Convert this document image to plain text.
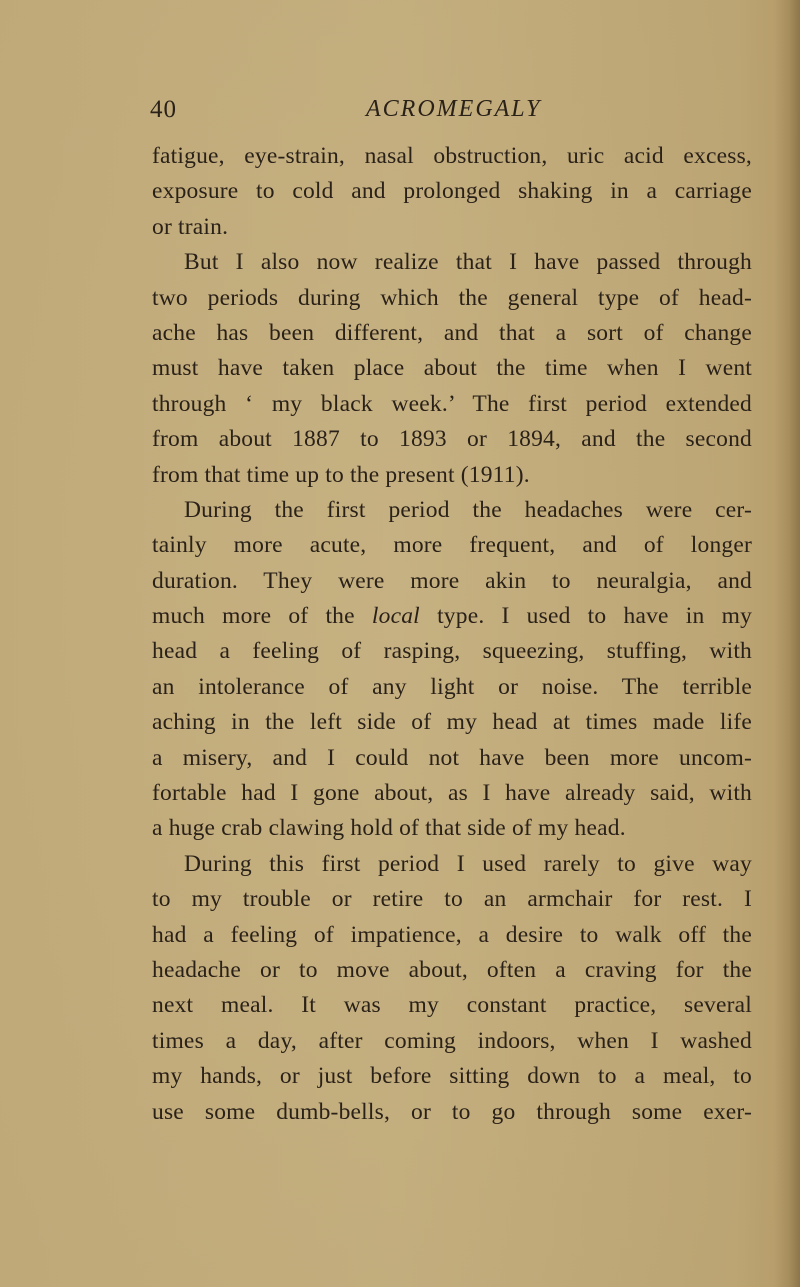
40	ACROMEGALY
fatigue, eye-strain, nasal obstruction, uric acid excess,
exposure to cold and prolonged shaking in a carriage
or train.
But I also now realize that I have passed through
two periods during which the general type of head-
ache has been different, and that a sort of change
must have taken place about the time when I went
through ‘ my black week.’ The first period extended
from about 1887 to 1893 or 1894, and the second
from that time up to the present (1911).
During the first period the headaches were cer-
tainly more acute, more frequent, and of longer
duration. They were more akin to neuralgia, and
much more of the local type. I used to have in my
head a feeling of rasping, squeezing, stuffing, with
an intolerance of any light or noise. The terrible
aching in the left side of my head at times made life
a misery, and I could not have been more uncom-
fortable had I gone about, as I have already said, with
a huge crab clawing hold of that side of my head.
During this first period I used rarely to give way
to my trouble or retire to an armchair for rest. I
had a feeling of impatience, a desire to walk off the
headache or to move about, often a craving for the
next meal. It was my constant practice, several
times a day, after coming indoors, when I washed
my hands, or just before sitting down to a meal, to
use some dumb-bells, or to go through some exer-
